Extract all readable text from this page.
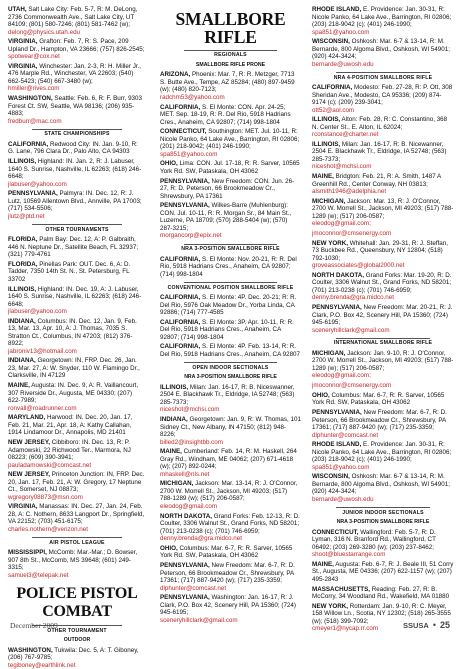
UTAH, Salt Lake City: Feb. 5-7, R: M. DeLong, 2736 Commonwealth Ave., Salt Lake City, UT 84109; (801) 580-7246; (801) 581-7462 (w);
delong@physics.utah.edu
VIRGINIA, Grafton: Feb. 7, R: S. Pace, 209 Upland Dr., Hampton, VA 23666; (757) 826-2545;
spotwear@cox.net
VIRGINIA, Winchester: Jan. 2-3, R: H. Miller Jr., 476 Marple Rd., Winchester, VA 22603; (540) 662-5423; (540) 667-3480 (w);
hmiller@rives.com
WASHINGTON, Seattle: Feb. 6, R: F. Burr, 9303 Forest Ct. SW, Seattle, WA 98136; (206) 935-4883;
fredburr@mac.com
STATE CHAMPIONSHIPS
CALIFORNIA, Redwood City: IN. Jan. 9-10, R: G. Lane, 796 Clara Dr., Palo Alto, CA 94303
ILLINOIS, Highland: IN. Jan. 2, R: J. Labuser, 1640 S. Sunrise, Nashville, IL 62263; (618) 246-6648;
jlabuser@yahoo.com
PENNSYLVANIA, Palmyra: IN. Dec. 12, R: J. Lutz, 10569 Allentown Blvd., Annville, PA 17003; (717) 534-5506;
jlutz@ptd.net
OTHER TOURNAMENTS
FLORIDA, Palm Bay: Dec. 12, A: P. Galbraith, 446 N. Neptune Dr., Satellite Beach, FL 32937; (321) 779-4761
FLORIDA, Pinellas Park: OUT. Dec. 6, A: D. Tadder, 7350 14th St. N., St. Petersburg, FL 33702
ILLINOIS, Highland: IN. Dec. 19, A: J. Labuser, 1640 S. Sunrise, Nashville, IL 62263; (618) 246-6648;
jlabuser@yahoo.com
INDIANA, Columbus: IN. Dec. 12, Jan. 9, Feb. 13, Mar. 13, Apr. 10, A: J. Thomas, 7035 S. Stratton Ct., Columbus, IN 47203; (812) 376-8922;
jabroniv13@hotmail.com
INDIANA, Georgetown: IN, FRP. Dec. 26, Jan. 23, Mar. 27, A: W. Snyder, 110 W. Flamingo Dr., Clarksville, IN 47129
MAINE, Augusta: IN. Dec. 9, A: R. Vaillancourt, 307 Riverside Dr., Augusta, ME 04330; (207) 622-7989;
ronvall@roadrunner.com
MARYLAND, Harwood: IN. Dec. 20, Jan. 17, Feb. 21, Mar. 21, Apr. 18, A: Kathy Callahan, 1914 Lindamoor Dr., Annapolis, MD 21401
NEW JERSEY, Cibbiboro: IN. Dec. 13, R: P. Adamowski, 22 Richwood Ter., Marmora, NJ 08223; (609) 390-3941;
pauladamowski@comcast.net
NEW JERSEY, Princeton Junction: IN, FRP. Dec. 20, Jan. 17, Feb. 21, A: W. Gregory, 17 Neptune Ct., Somerset, NJ 08873;
wgregory08873@msn.com
VIRGINIA, Manassas: IN. Dec. 27, Jan. 24, Feb. 28, A: C. Nothern, 8633 Langport Dr., Springfield, VA 22152; (703) 451-6175;
charles.nothern@verizon.net
AIR PISTOL LEAGUE
MISSISSIPPI, McComb: Mar.-Mar.; D. Bowser, 907 8th St., McComb, MS 39648; (601) 249-3315;
samuel3@telepak.net
POLICE PISTOL COMBAT
OTHER TOURNAMENT
OUTDOOR
WASHINGTON, Tukwila: Dec. 5, A: T. Giboney, (206) 767-9785;
tegiboney@earthlink.net
SMALLBORE RIFLE
REGIONALS
SMALLBORE RIFLE PRONE
ARIZONA, Phoenix: Mar. 7, R: R. Metzger, 7713 S. Butte Ave., Tempe, AZ 85284; (480) 897-9459 (w); (480) 820-7123;
radchm53@yahoo.com
CALIFORNIA, S. El Monte: CON. Apr. 24-25; MET. Sep. 18-19, R: R. Del Rio, 5918 Hadrians Cres., Anaheim, CA 92807; (714) 998-1804
CONNECTICUT, Southington: MET. Jul. 10-11, R: Nicole Panko, 64 Lake Ave., Barrington, RI 02806; (201) 218-9042; (401) 246-1990;
spa851@yahoo.com
OHIO, Lima: CON. Jul. 17-18, R: R. Sarver, 10565 York Rd. SW, Pataskala, OH 43062
PENNSYLVANIA, New Freedom: CON. Jun. 26-27, R: D. Peterson, 66 Brookmeadow Cr., Shrewsbury, PA 17361
PENNSYLVANIA, Wilkes-Barre (Muhlenburg): CON. Jul. 10-11, R: R. Morgan Sr., 84 Main St., Luzerne, PA 18709; (570) 288-5404 (w); (570) 287-3215;
morgancorp@epix.net
NRA 3-POSITION SMALLBORE RIFLE
CALIFORNIA, S. El Monte: Nov. 20-21, R: R. Del Rio, 5918 Hadrians Cres., Anaheim, CA 92807; (714) 998-1804
CONVENTIONAL POSITION SMALLBORE RIFLE
CALIFORNIA, S. El Monte: 4P. Dec. 20-21; R: R. Del Rio, 5976 Oak Meadow Dr., Yorba Linda, CA 92886; (714) 777-4585
CALIFORNIA, S. El Monte: 3P. Apr. 10-11, R: R. Del Rio, 5918 Hadrians Cres., Anaheim, CA 92807; (714) 998-1804
CALIFORNIA, S. El Monte: 4P. Feb. 13-14, R: R. Del Rio, 5918 Hadrians Cres., Anaheim, CA 92807
OPEN INDOOR SECTIONALS
NRA 3-POSITION SMALLBORE RIFLE
ILLINOIS, Milan: Jan. 16-17, R: B. Niceswanner, 2504 E. Blackhawk Tr., Eldridge, IA 52748; (563) 285-7373;
niceshot@mchsi.com
INDIANA, Georgetown: Jan. 9, R: W. Thomas, 101 Sidney Ct., New Albany, IN 47150; (812) 948-8226;
billed2@insightbb.com
MAINE, Cumberland: Feb. 14, R: M. Haskell, 264 Gray Rd., Windham, ME 04062; (207) 671-4618 (w); (207) 892-0244;
mhaskell@nls.net
MICHIGAN, Jackson: Mar. 13-14, R: J. O'Connor, 2700 W. Morrell St., Jackson, MI 49203; (517) 788-1289 (w); (517) 206-0587;
eleodog@gmail.com
NORTH DAKOTA, Grand Forks: Feb. 12-13, R: D. Coulter, 3306 Walnut St., Grand Forks, ND 58201; (701) 213-0238 (c); (701) 746-6959;
denny.brenda@gra.midco.net
OHIO, Columbus: Mar. 6-7, R: R. Sarver, 10565 York Rd. SW, Pataskala, OH 43062
PENNSYLVANIA, New Freedom: Mar. 6-7, R: D. Peterson, 66 Brookmeadow Cr., Shrewsbury, PA 17361; (717) 887-9420 (w); (717) 235-3359;
dlphunter@comcast.net
PENNSYLVANIA, Washington: Jan. 16-17, R: J. Clark, P.O. Box 42, Scenery Hill, PA 15360; (724) 945-6195;
sceneryhillclark@gmail.com
RHODE ISLAND, E. Providence: Jan. 30-31, R: Nicole Panko, 64 Lake Ave., Barrington, RI 02806; (203) 218-9042 (c); (401) 246-1990;
spa851@yahoo.com
WISCONSIN, Oshkosh: Mar. 6-7 & 13-14, R: M. Bernarde, 800 Algoma Blvd., Oshkosh, WI 54901; (920) 424-3424;
bernarde@uwosh.edu
NRA 4-POSITION SMALLBORE RIFLE
CALIFORNIA, Modesto: Feb. 27-28, R: P. Ott, 308 Sheridan Ave., Modesto, CA 95336; (209) 874-9174 (c); (209) 239-3041;
ott52@aol.com
ILLINOIS, Alton: Feb. 28, R: C. Constantino, 368 N. Center St., E. Alton, IL 62024;
rconstance@charter.net
ILLINOIS, Milan: Jan. 16-17, R: B. Nicewanner, 2504 E. Blackhawk Tr., Eldridge, IA 52748; (563) 285-7373;
niceshot@mchsi.com
MAINE, Bridgton: Feb. 21, R: A. Smith, 1487 A Greenhill Rd., Center Conway, NH 03813;
alsmith1946@adelphia.net
MICHIGAN, Jackson: Mar. 13, R: J. O'Connor, 2700 W. Morrell St., Jackson, MI 49203; (517) 788-1289 (w); (517) 206-0587;
eleodog@gmail.com;
jmoconnor@cmsenergy.com
NEW YORK, Whitehall: Jan. 29-31, R: J. Steffan, 73 Buckbee Rd., Queensbury, NY 12804; (518) 792-1030;
groveassociates@global2000.net
NORTH DAKOTA, Grand Forks: Mar. 19-20, R: D. Coulter, 3306 Walnut St., Grand Forks, ND 58201; (701) 213-0238 (c); (701) 746-6959;
denny.brenda@gra.midco.net
PENNSYLVANIA, New Freedom: Mar. 20-21, R: J. Clark, P.O. Box 42, Scenery Hill, PA 15360; (724) 945-6195;
sceneryhillclark@gmail.com
INTERNATIONAL SMALLBORE RIFLE
MICHIGAN, Jackson: Jan. 9-10, R: J. O'Connor, 2700 W. Morrell St., Jackson, MI 49203; (517) 788-1289 (w); (517) 206-0587;
eleodog@gmail.com;
jmoconnor@cmsenergy.com
OHIO, Columbus: Mar. 6-7, R: R. Sarver, 10565 York Rd. SW, Pataskala, OH 43062
PENNSYLVANIA, New Freedom: Mar. 6-7, R: D. Peterson, 66 Brookmeadow Cr., Shrewsbury, PA 17361; (717) 887-9420 (w); (717) 235-3359;
dlphunter@comcast.net
RHODE ISLAND, E. Providence: Jan. 30-31, R: Nicole Panko, 64 Lake Ave., Barrington, RI 02806; (203) 218-9042 (c); (401) 246-1990;
spa851@yahoo.com
WISCONSIN, Oshkosh: Mar. 6-7 & 13-14, R: M. Bernarde, 800 Algoma Blvd., Oshkosh, WI 54901; (920) 424-3424;
bernarde@uwosh.edu
JUNIOR INDOOR SECTIONALS
NRA 3-POSITION SMALLBORE RIFLE
CONNECTICUT, Wallingford: Feb. 5-7, R: D. Lyman, 316 N. Branford Rd., Wallingford, CT 06492; (203) 269-3280 (w); (203) 237-8462;
shoot@bluestarrange.com
MAINE, Augusta: Feb. 6-7, R: J. Beale III, 51 Corry St., Augusta, ME 04336; (207) 622-1157 (w); (207) 495-2843
MASSACHUSETTS, Reading: Feb. 27, R: B. McCorry, 34 Woodland Rd., Wakefield, MA 01880
NEW YORK, Rotterdam: Jan. 9-10, R: C. Meyer, 158 Willow Ln., Scotia, NY 12302; (518) 265-3555 (w); (518) 399-7092;
cmeyer1@nycap.rr.com
December 2009	SSUSA • 25
